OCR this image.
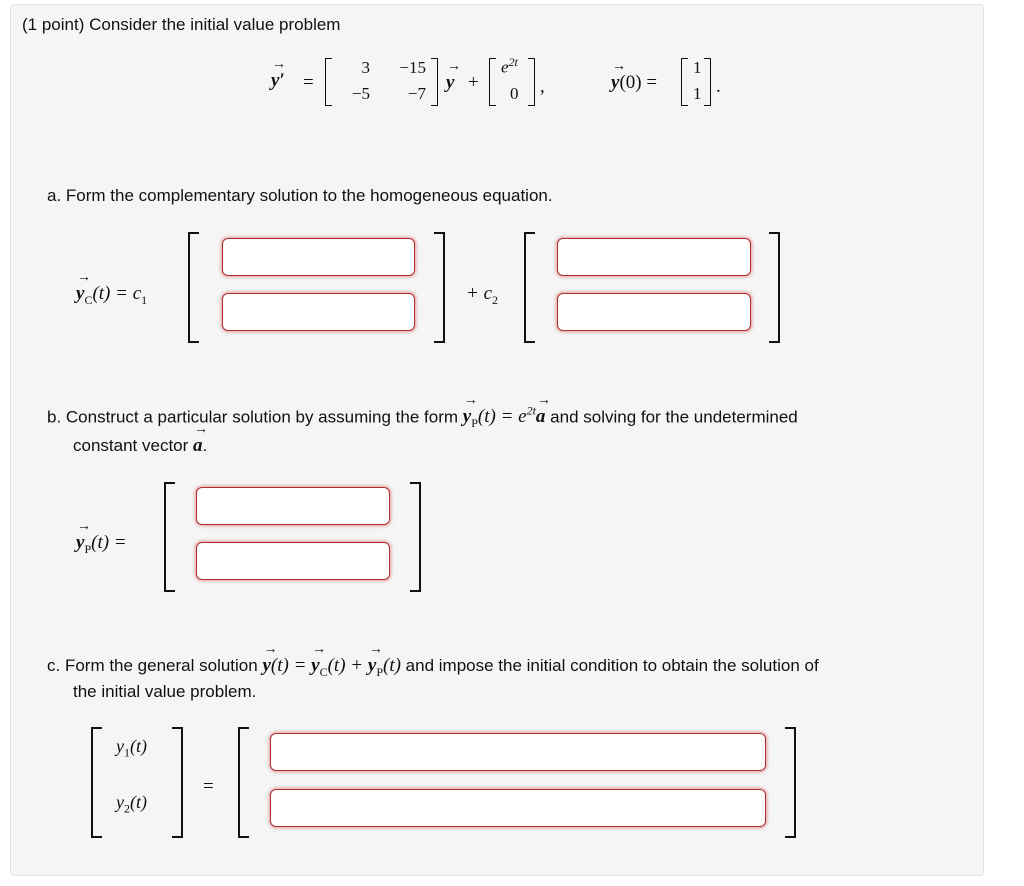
(1 point) Consider the initial value problem
→ y′ =
3	−15
−5	−7
→ y +
$e^{2t}$
0 ,	→ y(0) =
1
1 .
a. Form the complementary solution to the homogeneous equation.
→ $y_C(t) = c_1$	+ $c_2$
b. Construct a particular solution by assuming the form → $y_P(t) = e^{2t}\to a$ and solving for the undetermined
constant vector → a.
→ $y_P(t)$ =
c. Form the general solution → y(t) = → $y_C(t)$ + → $y_P(t)$ and impose the initial condition to obtain the solution of
the initial value problem.
$y_1(t)$
$y_2(t)$
=
